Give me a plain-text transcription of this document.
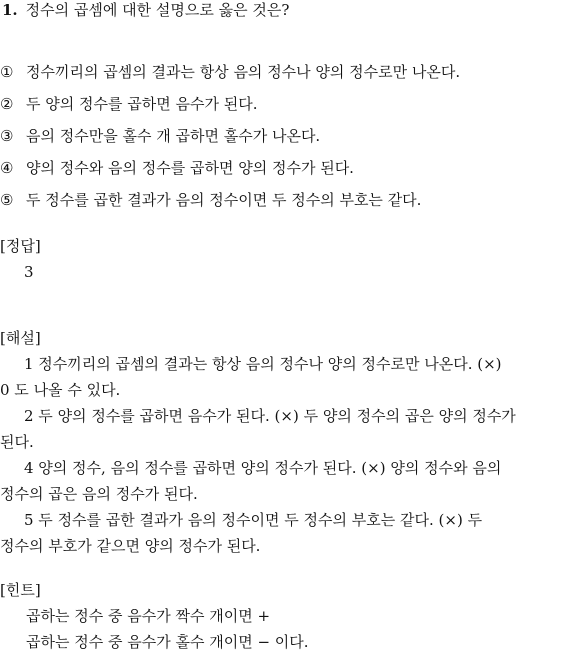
1. 정수의 곱셈에 대한 설명으로 옳은 것은?
① 정수끼리의 곱셈의 결과는 항상 음의 정수나 양의 정수로만 나온다.
② 두 양의 정수를 곱하면 음수가 된다.
③ 음의 정수만을 홀수 개 곱하면 홀수가 나온다.
④ 양의 정수와 음의 정수를 곱하면 양의 정수가 된다.
⑤ 두 정수를 곱한 결과가 음의 정수이면 두 정수의 부호는 같다.
[정답]
3
[해설]
1 정수끼리의 곱셈의 결과는 항상 음의 정수나 양의 정수로만 나온다. (×)
0 도 나올 수 있다.
2 두 양의 정수를 곱하면 음수가 된다. (×) 두 양의 정수의 곱은 양의 정수가
된다.
4 양의 정수, 음의 정수를 곱하면 양의 정수가 된다. (×) 양의 정수와 음의
정수의 곱은 음의 정수가 된다.
5 두 정수를 곱한 결과가 음의 정수이면 두 정수의 부호는 같다. (×) 두
정수의 부호가 같으면 양의 정수가 된다.
[힌트]
곱하는 정수 중 음수가 짝수 개이면 +
곱하는 정수 중 음수가 홀수 개이면 − 이다.
